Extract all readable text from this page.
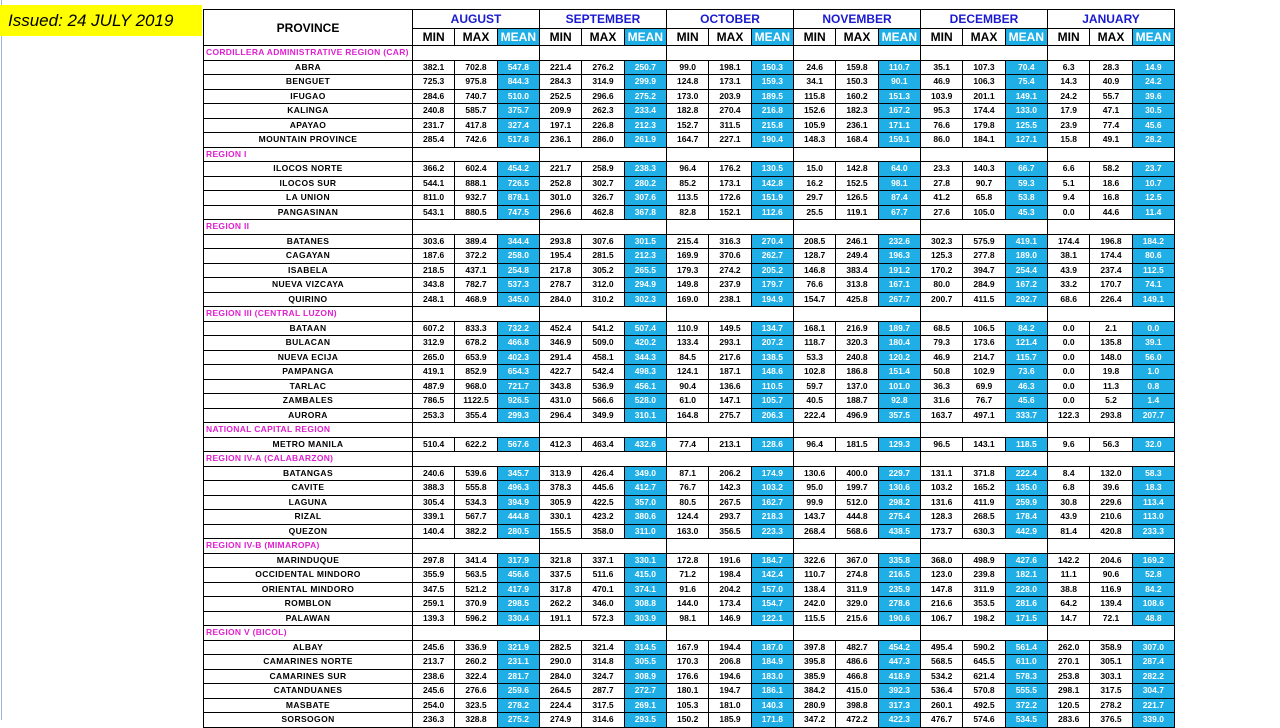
Issued: 24 JULY 2019	PROVINCE	AUGUST			SEPTEMBER			OCTOBER			NOVEMBER			DECEMBER			JANUARY		
	MIN	MAX	MEAN	MIN	MAX	MEAN	MIN	MAX	MEAN	MIN	MAX	MEAN	MIN	MAX	MEAN	MIN	MAX	MEAN
CORDILLERA ADMINISTRATIVE REGION (CAR)																		
ABRA	382.1	702.8	547.8	221.4	276.2	250.7	99.0	198.1	150.3	24.6	159.8	110.7	35.1	107.3	70.4	6.3	28.3	14.9
BENGUET	725.3	975.8	844.3	284.3	314.9	299.9	124.8	173.1	159.3	34.1	150.3	90.1	46.9	106.3	75.4	14.3	40.9	24.2
IFUGAO	284.6	740.7	510.0	252.5	296.6	275.2	173.0	203.9	189.5	115.8	160.2	151.3	103.9	201.1	149.1	24.2	55.7	39.6
KALINGA	240.8	585.7	375.7	209.9	262.3	233.4	182.8	270.4	216.8	152.6	182.3	167.2	95.3	174.4	133.0	17.9	47.1	30.5
APAYAO	231.7	417.8	327.4	197.1	226.8	212.3	152.7	311.5	215.8	105.9	236.1	171.1	76.6	179.8	125.5	23.9	77.4	45.6
MOUNTAIN PROVINCE	285.4	742.6	517.8	236.1	286.0	261.9	164.7	227.1	190.4	148.3	168.4	159.1	86.0	184.1	127.1	15.8	49.1	28.2
REGION I																		
ILOCOS NORTE	366.2	602.4	454.2	221.7	258.9	238.3	96.4	176.2	130.5	15.0	142.8	64.0	23.3	140.3	66.7	6.6	58.2	23.7
ILOCOS SUR	544.1	888.1	726.5	252.8	302.7	280.2	85.2	173.1	142.8	16.2	152.5	98.1	27.8	90.7	59.3	5.1	18.6	10.7
LA UNION	811.0	932.7	878.1	301.0	326.7	307.6	113.5	172.6	151.9	29.7	126.5	87.4	41.2	65.8	53.8	9.4	16.8	12.5
PANGASINAN	543.1	880.5	747.5	296.6	462.8	367.8	82.8	152.1	112.6	25.5	119.1	67.7	27.6	105.0	45.3	0.0	44.6	11.4
REGION II																		
BATANES	303.6	389.4	344.4	293.8	307.6	301.5	215.4	316.3	270.4	208.5	246.1	232.6	302.3	575.9	419.1	174.4	196.8	184.2
CAGAYAN	187.6	372.2	258.0	195.4	281.5	212.3	169.9	370.6	262.7	128.7	249.4	196.3	125.3	277.8	189.0	38.1	174.4	80.6
ISABELA	218.5	437.1	254.8	217.8	305.2	265.5	179.3	274.2	205.2	146.8	383.4	191.2	170.2	394.7	254.4	43.9	237.4	112.5
NUEVA VIZCAYA	343.8	782.7	537.3	278.7	312.0	294.9	149.8	237.9	179.7	76.6	313.8	167.1	80.0	284.9	167.2	33.2	170.7	74.1
QUIRINO	248.1	468.9	345.0	284.0	310.2	302.3	169.0	238.1	194.9	154.7	425.8	267.7	200.7	411.5	292.7	68.6	226.4	149.1
REGION III (CENTRAL LUZON)																		
BATAAN	607.2	833.3	732.2	452.4	541.2	507.4	110.9	149.5	134.7	168.1	216.9	189.7	68.5	106.5	84.2	0.0	2.1	0.0
BULACAN	312.9	678.2	466.8	346.9	509.0	420.2	133.4	293.1	207.2	118.7	320.3	180.4	79.3	173.6	121.4	0.0	135.8	39.1
NUEVA ECIJA	265.0	653.9	402.3	291.4	458.1	344.3	84.5	217.6	138.5	53.3	240.8	120.2	46.9	214.7	115.7	0.0	148.0	56.0
PAMPANGA	419.1	852.9	654.3	422.7	542.4	498.3	124.1	187.1	148.6	102.8	186.8	151.4	50.8	102.9	73.6	0.0	19.8	1.0
TARLAC	487.9	968.0	721.7	343.8	536.9	456.1	90.4	136.6	110.5	59.7	137.0	101.0	36.3	69.9	46.3	0.0	11.3	0.8
ZAMBALES	786.5	1122.5	926.5	431.0	566.6	528.0	61.0	147.1	105.7	40.5	188.7	92.8	31.6	76.7	45.6	0.0	5.2	1.4
AURORA	253.3	355.4	299.3	296.4	349.9	310.1	164.8	275.7	206.3	222.4	496.9	357.5	163.7	497.1	333.7	122.3	293.8	207.7
NATIONAL CAPITAL REGION																		
METRO MANILA	510.4	622.2	567.6	412.3	463.4	432.6	77.4	213.1	128.6	96.4	181.5	129.3	96.5	143.1	118.5	9.6	56.3	32.0
REGION IV-A (CALABARZON)																		
BATANGAS	240.6	539.6	345.7	313.9	426.4	349.0	87.1	206.2	174.9	130.6	400.0	229.7	131.1	371.8	222.4	8.4	132.0	58.3
CAVITE	388.3	555.8	496.3	378.3	445.6	412.7	76.7	142.3	103.2	95.0	199.7	130.6	103.2	165.2	135.0	6.8	39.6	18.3
LAGUNA	305.4	534.3	394.9	305.9	422.5	357.0	80.5	267.5	162.7	99.9	512.0	298.2	131.6	411.9	259.9	30.8	229.6	113.4
RIZAL	339.1	567.7	444.8	330.1	423.2	380.6	124.4	293.7	218.3	143.7	444.8	275.4	128.3	268.5	178.4	43.9	210.6	113.0
QUEZON	140.4	382.2	280.5	155.5	358.0	311.0	163.0	356.5	223.3	268.4	568.6	438.5	173.7	630.3	442.9	81.4	420.8	233.3
REGION IV-B (MIMAROPA)																		
MARINDUQUE	297.8	341.4	317.9	321.8	337.1	330.1	172.8	191.6	184.7	322.6	367.0	335.8	368.0	498.9	427.6	142.2	204.6	169.2
OCCIDENTAL MINDORO	355.9	563.5	456.6	337.5	511.6	415.0	71.2	198.4	142.4	110.7	274.8	216.5	123.0	239.8	182.1	11.1	90.6	52.8
ORIENTAL MINDORO	347.5	521.2	417.9	317.8	470.1	374.1	91.6	204.2	157.0	138.4	311.9	235.9	147.8	311.9	228.0	38.8	116.9	84.2
ROMBLON	259.1	370.9	298.5	262.2	346.0	308.8	144.0	173.4	154.7	242.0	329.0	278.6	216.6	353.5	281.6	64.2	139.4	108.6
PALAWAN	139.3	596.2	330.4	191.1	572.3	303.9	98.1	146.9	122.1	115.5	215.6	190.6	106.7	198.2	171.5	14.7	72.1	48.8
REGION V (BICOL)																		
ALBAY	245.6	336.9	321.9	282.5	321.4	314.5	167.9	194.4	187.0	397.8	482.7	454.2	495.4	590.2	561.4	262.0	358.9	307.0
CAMARINES NORTE	213.7	260.2	231.1	290.0	314.8	305.5	170.3	206.8	184.9	395.8	486.6	447.3	568.5	645.5	611.0	270.1	305.1	287.4
CAMARINES SUR	238.6	322.4	281.7	284.0	324.7	308.9	176.6	194.6	183.0	385.9	466.8	418.9	534.2	621.4	578.3	253.8	303.1	282.2
CATANDUANES	245.6	276.6	259.6	264.5	287.7	272.7	180.1	194.7	186.1	384.2	415.0	392.3	536.4	570.8	555.5	298.1	317.5	304.7
MASBATE	254.0	323.5	278.2	224.4	317.5	269.1	105.3	181.0	140.3	280.9	398.8	317.3	260.1	492.5	372.2	120.5	278.2	221.7
SORSOGON	236.3	328.8	275.2	274.9	314.6	293.5	150.2	185.9	171.8	347.2	472.2	422.3	476.7	574.6	534.5	283.6	376.5	339.0
